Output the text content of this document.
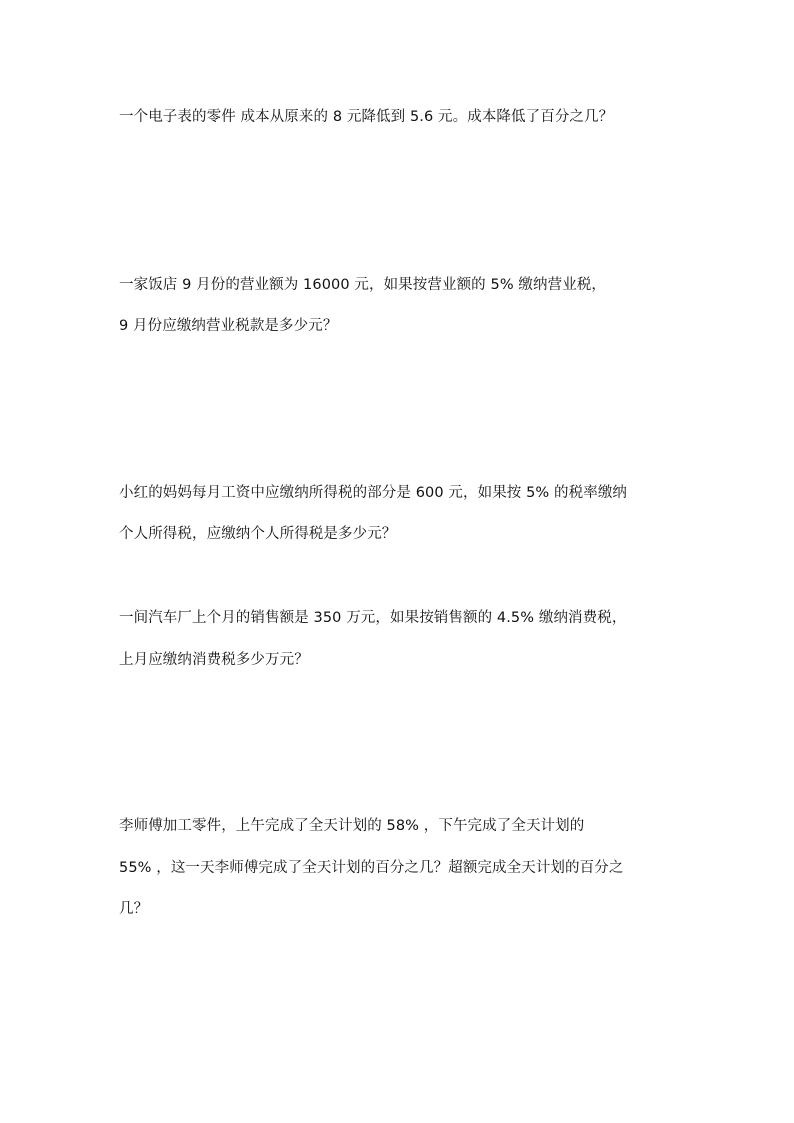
一个电子表的零件 成本从原来的 8 元降低到 5.6 元。成本降低了百分之几？
一家饭店 9 月份的营业额为 16000 元，如果按营业额的 5% 缴纳营业税，
9 月份应缴纳营业税款是多少元？
小红的妈妈每月工资中应缴纳所得税的部分是 600 元，如果按 5% 的税率缴纳
个人所得税，应缴纳个人所得税是多少元？
一间汽车厂上个月的销售额是 350 万元，如果按销售额的 4.5% 缴纳消费税，
上月应缴纳消费税多少万元？
李师傅加工零件，上午完成了全天计划的 58% ，下午完成了全天计划的
55% ，这一天李师傅完成了全天计划的百分之几？超额完成全天计划的百分之
几？
